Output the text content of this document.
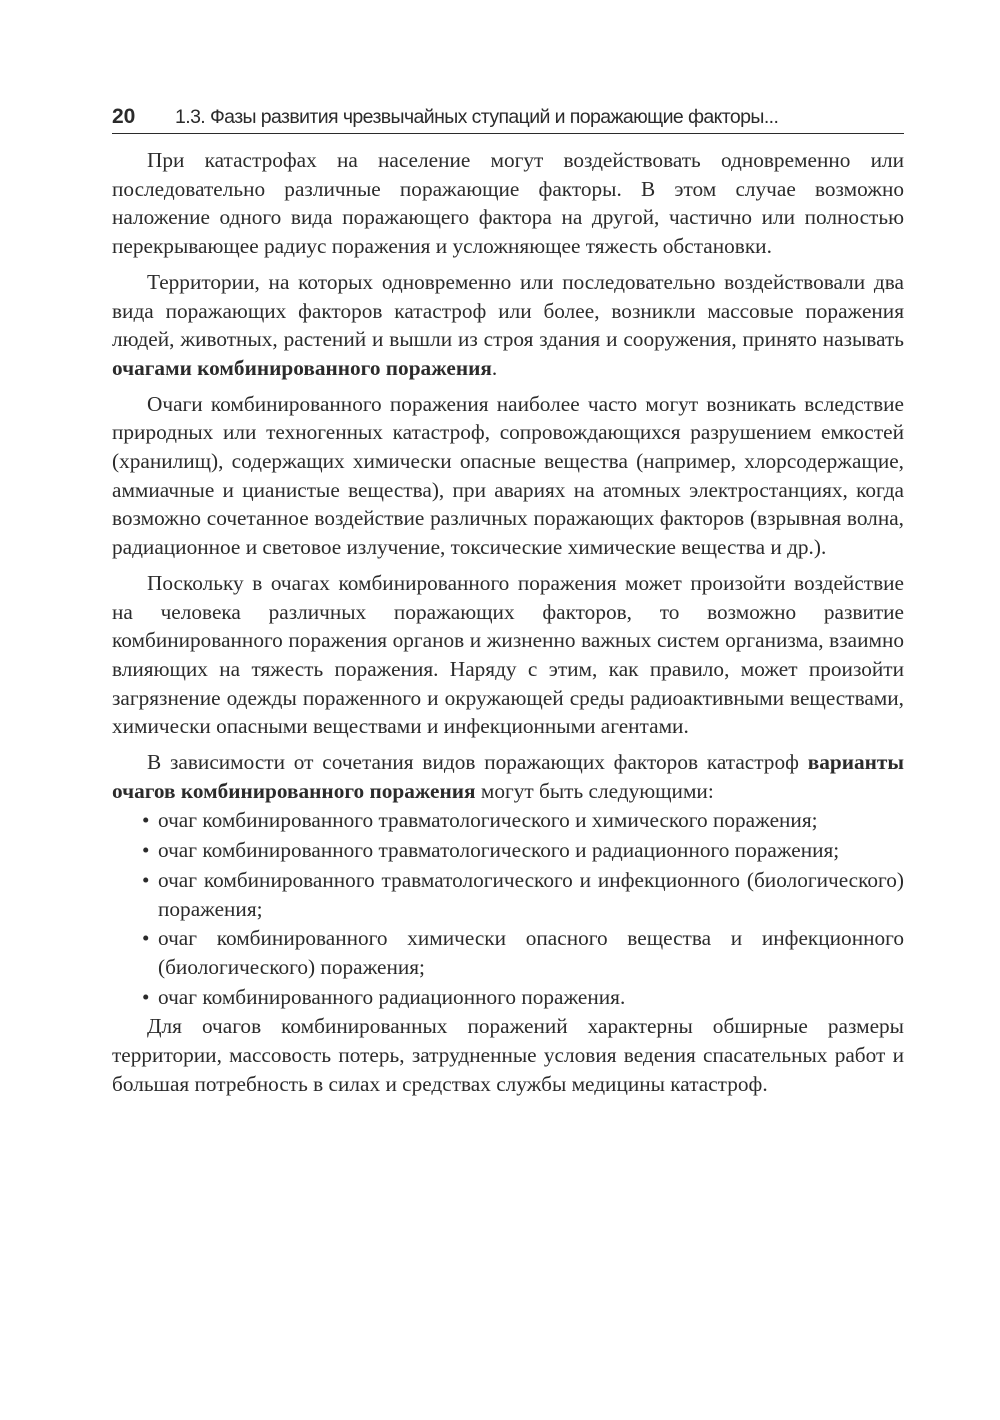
20 1.3. Фазы развития чрезвычайных ступаций и поражающие факторы...

При катастрофах на население могут воздействовать одновременно или последовательно различные поражающие факторы. В этом случае возможно наложение одного вида поражающего фактора на другой, частично или полностью перекрывающее радиус поражения и усложняющее тяжесть обстановки.

Территории, на которых одновременно или последовательно воздействовали два вида поражающих факторов катастроф или более, возникли массовые поражения людей, животных, растений и вышли из строя здания и сооружения, принято называть очагами комбинированного поражения.

Очаги комбинированного поражения наиболее часто могут возникать вследствие природных или техногенных катастроф, сопровождающихся разрушением емкостей (хранилищ), содержащих химически опасные вещества (например, хлорсодержащие, аммиачные и цианистые вещества), при авариях на атомных электростанциях, когда возможно сочетанное воздействие различных поражающих факторов (взрывная волна, радиационное и световое излучение, токсические химические вещества и др.).

Поскольку в очагах комбинированного поражения может произойти воздействие на человека различных поражающих факторов, то возможно развитие комбинированного поражения органов и жизненно важных систем организма, взаимно влияющих на тяжесть поражения. Наряду с этим, как правило, может произойти загрязнение одежды пораженного и окружающей среды радиоактивными веществами, химически опасными веществами и инфекционными агентами.

В зависимости от сочетания видов поражающих факторов катастроф варианты очагов комбинированного поражения могут быть следующими:

• очаг комбинированного травматологического и химического поражения;
• очаг комбинированного травматологического и радиационного поражения;
• очаг комбинированного травматологического и инфекционного (биологического) поражения;
• очаг комбинированного химически опасного вещества и инфекционного (биологического) поражения;
• очаг комбинированного радиационного поражения.

Для очагов комбинированных поражений характерны обширные размеры территории, массовость потерь, затрудненные условия ведения спасательных работ и большая потребность в силах и средствах службы медицины катастроф.
